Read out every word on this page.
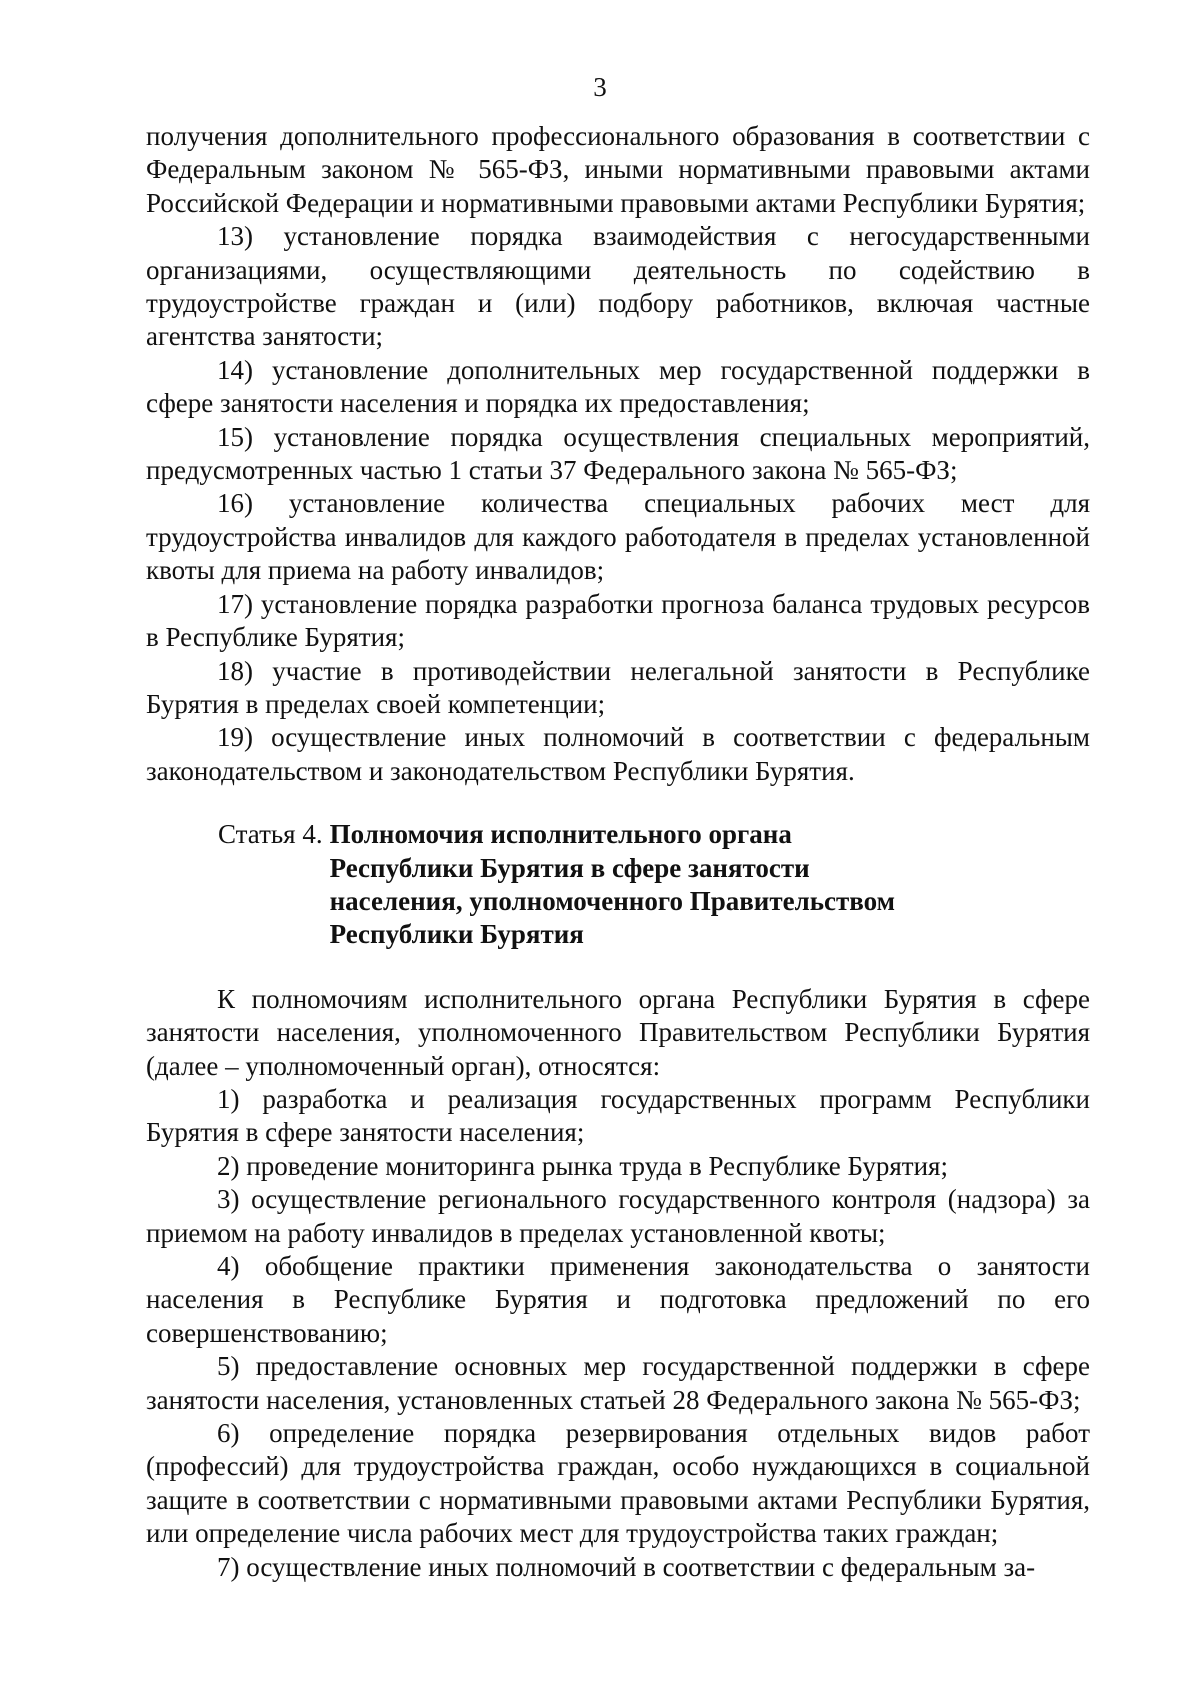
3

получения дополнительного профессионального образования в соответствии с Федеральным законом № 565-ФЗ, иными нормативными правовыми актами Российской Федерации и нормативными правовыми актами Республики Бурятия;

13) установление порядка взаимодействия с негосударственными организациями, осуществляющими деятельность по содействию в трудоустройстве граждан и (или) подбору работников, включая частные агентства занятости;

14) установление дополнительных мер государственной поддержки в сфере занятости населения и порядка их предоставления;

15) установление порядка осуществления специальных мероприятий, предусмотренных частью 1 статьи 37 Федерального закона № 565-ФЗ;

16) установление количества специальных рабочих мест для трудоустройства инвалидов для каждого работодателя в пределах установленной квоты для приема на работу инвалидов;

17) установление порядка разработки прогноза баланса трудовых ресурсов в Республике Бурятия;

18) участие в противодействии нелегальной занятости в Республике Бурятия в пределах своей компетенции;

19) осуществление иных полномочий в соответствии с федеральным законодательством и законодательством Республики Бурятия.

Статья 4. Полномочия исполнительного органа Республики Бурятия в сфере занятости населения, уполномоченного Правительством Республики Бурятия

К полномочиям исполнительного органа Республики Бурятия в сфере занятости населения, уполномоченного Правительством Республики Бурятия (далее – уполномоченный орган), относятся:

1) разработка и реализация государственных программ Республики Бурятия в сфере занятости населения;

2) проведение мониторинга рынка труда в Республике Бурятия;

3) осуществление регионального государственного контроля (надзора) за приемом на работу инвалидов в пределах установленной квоты;

4) обобщение практики применения законодательства о занятости населения в Республике Бурятия и подготовка предложений по его совершенствованию;

5) предоставление основных мер государственной поддержки в сфере занятости населения, установленных статьей 28 Федерального закона № 565-ФЗ;

6) определение порядка резервирования отдельных видов работ (профессий) для трудоустройства граждан, особо нуждающихся в социальной защите в соответствии с нормативными правовыми актами Республики Бурятия, или определение числа рабочих мест для трудоустройства таких граждан;

7) осуществление иных полномочий в соответствии с федеральным за-
